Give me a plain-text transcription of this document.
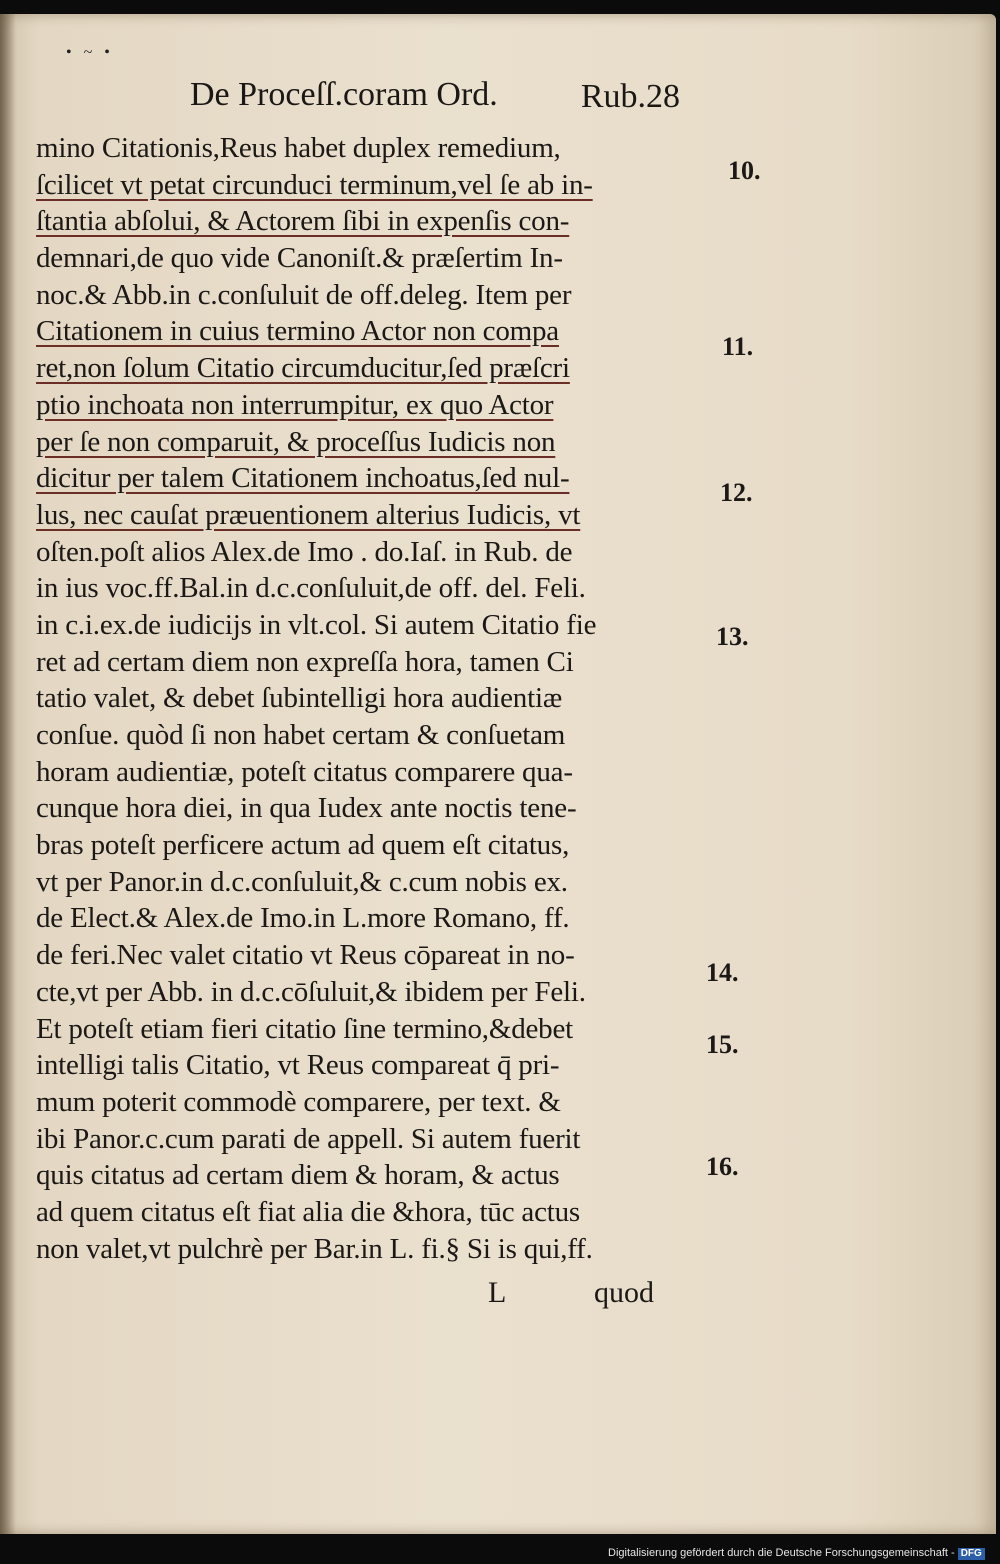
• ~ •
De Proceſſ.coram Ord. Rub.28
mino Citationis,Reus habet duplex remedium,
ſcilicet vt petat circunduci terminum,vel ſe ab in-
ſtantia abſolui, & Actorem ſibi in expenſis con-
demnari,de quo vide Canoniſt.& præſertim In-
noc.& Abb.in c.conſuluit de off.deleg. Item per
Citationem in cuius termino Actor non compa
ret,non ſolum Citatio circumducitur,ſed præſcri
ptio inchoata non interrumpitur, ex quo Actor
per ſe non comparuit, & proceſſus Iudicis non
dicitur per talem Citationem inchoatus,ſed nul-
lus, nec cauſat præuentionem alterius Iudicis, vt
oſten.poſt alios Alex.de Imo . do.Iaſ. in Rub. de
in ius voc.ff.Bal.in d.c.conſuluit,de off. del. Feli.
in c.i.ex.de iudicijs in vlt.col. Si autem Citatio fie
ret ad certam diem non expreſſa hora, tamen Ci
tatio valet, & debet ſubintelligi hora audientiæ
conſue. quòd ſi non habet certam & conſuetam
horam audientiæ, poteſt citatus comparere qua-
cunque hora diei, in qua Iudex ante noctis tene-
bras poteſt perficere actum ad quem eſt citatus,
vt per Panor.in d.c.conſuluit,& c.cum nobis ex.
de Elect.& Alex.de Imo.in L.more Romano, ff.
de feri.Nec valet citatio vt Reus cōpareat in no-
cte,vt per Abb. in d.c.cōſuluit,& ibidem per Feli.
Et poteſt etiam fieri citatio ſine termino,&debet
intelligi talis Citatio, vt Reus compareat q̄ pri-
mum poterit commodè comparere, per text. &
ibi Panor.c.cum parati de appell. Si autem fuerit
quis citatus ad certam diem & horam, & actus
ad quem citatus eſt fiat alia die &hora, tūc actus
non valet,vt pulchrè per Bar.in L. fi.§ Si is qui,ff.
10.
11.
12.
13.
14.
15.
16.
L	quod
Digitalisierung gefördert durch die Deutsche Forschungsgemeinschaft - DFG
